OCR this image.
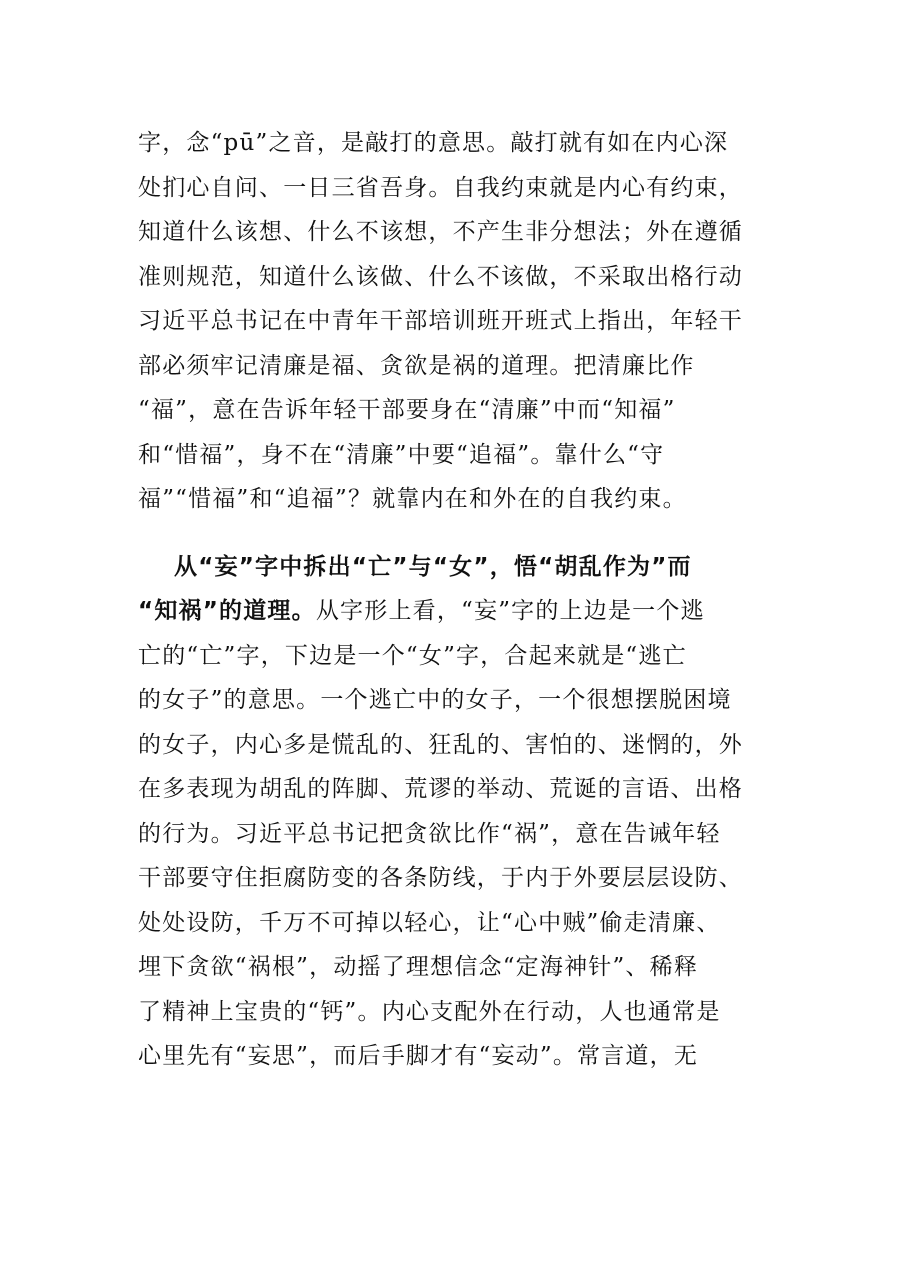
字，念“pū”之音，是敲打的意思。敲打就有如在内心深
处扪心自问、一日三省吾身。自我约束就是内心有约束，
知道什么该想、什么不该想，不产生非分想法；外在遵循
准则规范，知道什么该做、什么不该做，不采取出格行动
习近平总书记在中青年干部培训班开班式上指出，年轻干
部必须牢记清廉是福、贪欲是祸的道理。把清廉比作
“福”，意在告诉年轻干部要身在“清廉”中而“知福”
和“惜福”，身不在“清廉”中要“追福”。靠什么“守
福”“惜福”和“追福”？就靠内在和外在的自我约束。
从“妄”字中拆出“亡”与“女”，悟“胡乱作为”而
“知祸”的道理。从字形上看，“妄”字的上边是一个逃
亡的“亡”字，下边是一个“女”字，合起来就是“逃亡
的女子”的意思。一个逃亡中的女子，一个很想摆脱困境
的女子，内心多是慌乱的、狂乱的、害怕的、迷惘的，外
在多表现为胡乱的阵脚、荒谬的举动、荒诞的言语、出格
的行为。习近平总书记把贪欲比作“祸”，意在告诫年轻
干部要守住拒腐防变的各条防线，于内于外要层层设防、
处处设防，千万不可掉以轻心，让“心中贼”偷走清廉、
埋下贪欲“祸根”，动摇了理想信念“定海神针”、稀释
了精神上宝贵的“钙”。内心支配外在行动，人也通常是
心里先有“妄思”，而后手脚才有“妄动”。常言道，无
